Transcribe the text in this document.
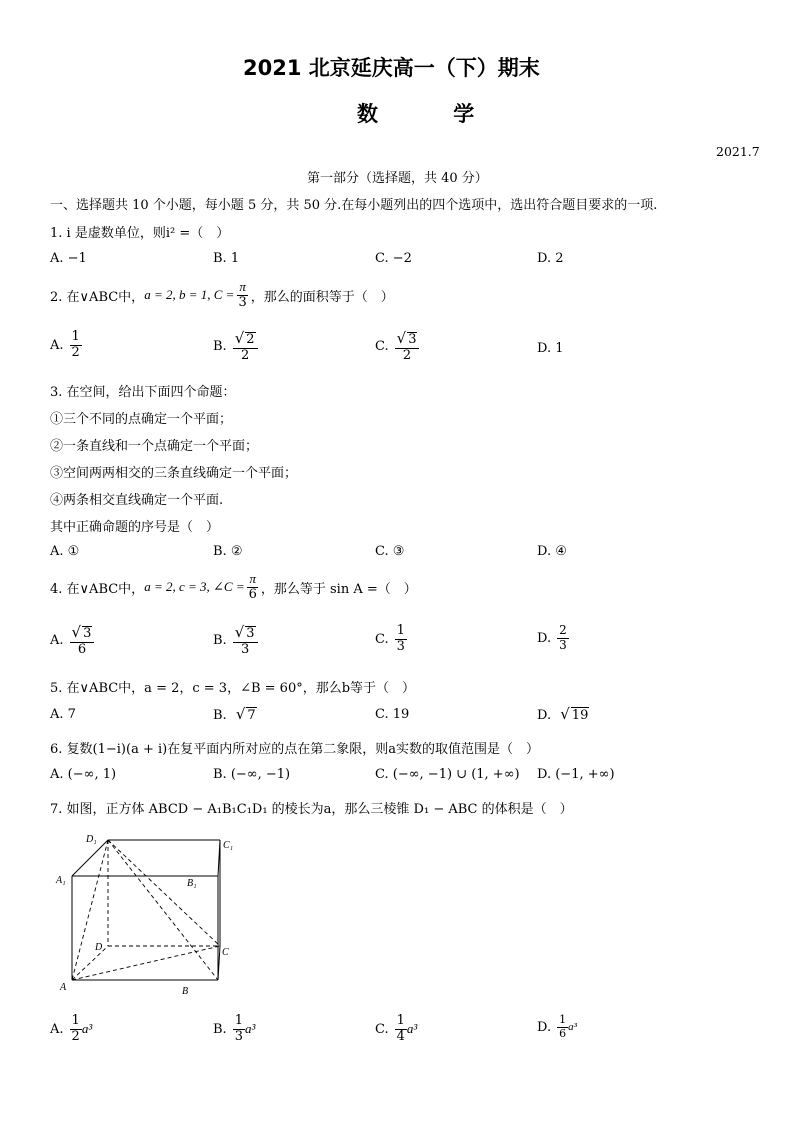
2021 北京延庆高一（下）期末
数 学
2021.7
第一部分（选择题，共 40 分）
一、选择题共 10 个小题，每小题 5 分，共 50 分.在每小题列出的四个选项中，选出符合题目要求的一项.
1. i 是虚数单位，则i² =（　）
A. −1	B. 1	C. −2	D. 2
2. 在∨ABC中， a = 2, b = 1, $C = \frac{\pi}{3}$ ，那么的面积等于（　）
A. $\frac{1}{2}$	B. $\frac{√ 2}{2}$	C. $\frac{√ 3}{2}$	D. 1
3. 在空间，给出下面四个命题：
①三个不同的点确定一个平面；
②一条直线和一个点确定一个平面；
③空间两两相交的三条直线确定一个平面；
④两条相交直线确定一个平面.
其中正确命题的序号是（　）
A. ①	B. ②	C. ③	D. ④
4. 在∨ABC中， a = 2, c = 3, ∠C = $\frac{\pi}{6}$ ，那么等于 sin A =（　）
A. $\frac{√ 3}{6}$	B. $\frac{√ 3}{3}$	C. $\frac{1}{3}$	D. $\frac{2}{3}$
5. 在∨ABC中，a = 2，c = 3，∠B = 60°，那么b等于（　）
A. 7	B. √ 7	C. 19	D. √ 19
6. 复数(1−i)(a + i)在复平面内所对应的点在第二象限，则a实数的取值范围是（　）
A. (−∞, 1)	B. (−∞, −1)	C. (−∞, −1) ∪ (1, +∞) D. (−1, +∞)
7. 如图，正方体 ABCD − A₁B₁C₁D₁ 的棱长为a，那么三棱锥 D₁ − ABC 的体积是（　）
D₁
C₁
A₁	B₁
D	C
A	B
A. $\frac{1}{2} a^3$	B. $\frac{1}{3} a^3$	C. $\frac{1}{4} a^3$	D. $\frac{1}{6} a^3$
